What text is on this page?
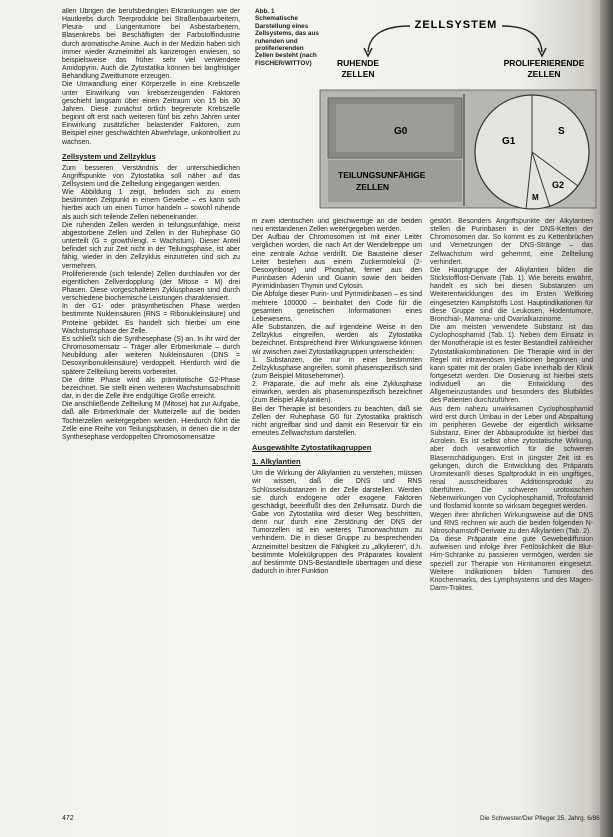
allen Übrigen die berufsbedingten Erkrankungen wie der Hautkrebs durch Teerprodukte bei Straßenbauarbeitern, Pleura- und Lungentumore bei Asbestarbeitern, Blasenkrebs bei Beschäftigten der Farbstoffindustrie durch aromatische Amine. Auch in der Medizin haben sich immer wieder Arzneimittel als kanzerogen erwiesen, so beispielsweise das früher sehr viel verwendete Amidopyrin. Auch die Zytostatika können bei langfristiger Behandlung Zweittumore erzeugen.

Die Umwandlung einer Körperzelle in eine Krebszelle unter Einwirkung von krebserzeugenden Faktoren geschieht langsam über einen Zeitraum von 15 bis 30 Jahren. Diese zunächst örtlich begrenzte Krebszelle beginnt oft erst nach weiteren fünf bis zehn Jahren unter Einwirkung zusätzlicher belastender Faktoren, zum Beispiel einer geschwächten Abwehrlage, unkontrolliert zu wachsen.

Zellsystem und Zellzyklus

Zum besseren Verständnis der unterschiedlichen Angriffspunkte von Zytostatika soll näher auf das Zellsystem und die Zellteilung eingegangen werden.

Wie Abbildung 1 zeigt, befinden sich zu einem bestimmten Zeitpunkt in einem Gewebe – es kann sich hierbei auch um einen Tumor handeln – sowohl ruhende als auch sich teilende Zellen nebeneinander.

Die ruhenden Zellen werden in teilungsunfähige, meist abgestorbene Zellen und Zellen in der Ruhephase G0 unterteilt (G = growth/engl. = Wachstum). Dieser Anteil befindet sich zur Zeit nicht in der Teilungsphase, ist aber fähig, wieder in den Zellzyklus einzutreten und sich zu vermehren.

Proliferierende (sich teilende) Zellen durchlaufen vor der eigentlichen Zellverdopplung (der Mitose = M) drei Phasen. Diese vorgeschalteten Zyklusphasen sind durch verschiedene biochemische Leistungen charakterisiert.

In der G1- oder präsynthetischen Phase werden bestimmte Nukleinsäuren (RNS = Ribonukleinsäure) und Proteine gebildet. Es handelt sich hierbei um eine Wachstumsphase der Zelle.

Es schließt sich die Synthesephase (S) an. In ihr wird der Chromosomensatz – Träger aller Erbmerkmale – durch Neubildung aller weiteren Nukleinsäuren (DNS = Desoxyribonukleinsäure) verdoppelt. Hierdurch wird die spätere Zellteilung bereits vorbereitet.

Die dritte Phase wird als prämitotische G2-Phase bezeichnet. Sie stellt einen weiteren Wachstumsabschnitt dar, in der die Zelle ihre endgültige Größe erreicht.

Die anschließende Zellteilung M (Mitose) hat zur Aufgabe, daß alle Erbmerkmale der Mutterzelle auf die beiden Tochterzellen weitergegeben werden. Hierdurch führt die Zelle eine Reihe von Teilungsphasen, in denen die in der Synthesephase verdoppelten Chromosomensätze

Abb. 1
Schematische Darstellung eines Zellsystems, das aus ruhenden und proliferierenden Zellen besteht (nach FISCHER/WITTOV)
ZELLSYSTEM
RUHENDE
ZELLEN
PROLIFERIERENDE
ZELLEN
G0
TEILUNGSUNFÄHIGE
ZELLEN
G1
S
G2
M

in zwei identischen und gleichwertige an die beiden neu entstandenen Zellen weitergegeben werden.

Der Aufbau der Chromosomen ist mit einer Leiter verglichen worden, die nach Art der Wendeltreppe um eine zentrale Achse verdrillt. Die Bausteine dieser Leiter bestehen aus einem Zuckermolekül (2-Desoxyribose) und Phosphat, ferner aus den Purinbasen Adenin und Guanin sowie den beiden Pyrimidinbasen Thymin und Cytosin.

Die Abfolge dieser Purin- und Pyrimidinbasen – es sind mehrere 100000 – beinhaltet den Code für die gesamten genetischen Informationen eines Lebewesens.

Alle Substanzen, die auf irgendeine Weise in den Zellzyklus eingreifen, werden als Zytostatika bezeichnet. Entsprechend ihrer Wirkungsweise können wir zwischen zwei Zytostatikagruppen unterscheiden:

1. Substanzen, die nur in einer bestimmten Zellzyklusphase angreifen, somit phasenspezifisch sind (zum Beispiel Mitosehemmer).

2. Präparate, die auf mehr als eine Zyklusphase einwirken, werden als phasenunspezifisch bezeichnet (zum Beispiel Alkylantien).

Bei der Therapie ist besonders zu beachten, daß sie Zellen der Ruhephase G0 für Zytostatika praktisch nicht angreifbar sind und damit ein Reservoir für ein erneutes Zellwachstum darstellen.

Ausgewählte Zytostatikagruppen
1. Alkylantien

Um die Wirkung der Alkylantien zu verstehen, müssen wir wissen, daß die DNS und RNS Schlüsselsubstanzen in der Zelle darstellen. Werden sie durch endogene oder exogene Faktoren geschädigt, beeinflußt dies den Zellumsatz. Durch die Gabe von Zytostatika wird dieser Weg beschritten, denn nur durch eine Zerstörung der DNS der Tumorzellen ist ein weiteres Tumorwachstum zu verhindern. Die in dieser Gruppe zu besprechenden Arzneimittel besitzen die Fähigkeit zu „alkylieren“, d.h. bestimmte Molekülgruppen des Präparates kovalent auf bestimmte DNS-Bestandteile übertragen und diese dadurch in ihrer Funktion

gestört. Besonders Angriffspunkte der Alkylantien stellen die Purinbasen in der DNS-Ketten der Chromosomen dar. So kommt es zu Kettenbrüchen und Vernetzungen der DNS-Stränge – das Zellwachstum wird gehemmt, eine Zellteilung verhindert.

Die Hauptgruppe der Alkylantien bilden die Stickstofflost-Derivate (Tab. 1). Wie bereits erwähnt, handelt es sich bei diesen Substanzen um Weiterentwicklungen des im Ersten Weltkrieg eingesetzten Kampfstoffs Lost. Hauptindikationen für diese Gruppe sind die Leukosen, Hodentumore, Bronchial-, Mamma- und Ovarialkarzinome.

Die am meisten verwendete Substanz ist das Cyclophosphamid (Tab. 1). Neben dem Einsatz in der Monotherapie ist es fester Bestandteil zahlreicher Zytostatikakombinationen. Die Therapie wird in der Regel mit intravenösen Injektionen begonnen und kann später mit der oralen Gabe innerhalb der Klinik fortgesetzt werden. Die Dosierung ist hierbei stets individuell an die Entwicklung des Allgemeinzustandes und besonders des Blutbildes des Patienten durchzuführen.

Aus dem nahezu unwirksamen Cyclophosphamid wird erst durch Umbau in der Leber und Abspaltung im peripheren Gewebe der eigentlich wirksame Substanz. Einer der Abbauprodukte ist hierbei das Acrolein. Es ist selbst ohne zytostatische Wirkung, aber doch verantwortlich für die schweren Blasenschädigungen. Erst in jüngster Zeit ist es gelungen, durch die Entwicklung des Präparats Uromitexan® dieses Spaltprodukt in ein ungiftiges, renal ausscheidbares Additionsprodukt zu überführen. Die schweren urotoxischen Nebenwirkungen von Cyclophosphamid, Trofosfamid und Ifosfamid konnte so wirksam begegnet werden.

Wegen ihrer ähnlichen Wirkungsweise auf die DNS und RNS rechnen wir auch die beiden folgenden N-Nitrosoharnstoff-Derivate zu den Alkylantien (Tab. 2).

Da diese Präparate eine gute Gewebediffusion aufweisen und infolge ihrer Fettlöslichkeit die Blut-Hirn-Schranke zu passieren vermögen, werden sie speziell zur Therapie von Hirntumoren eingesetzt. Weitere Indikationen bilden Tumoren des Knochenmarks, des Lymphsystems und des Magen-Darm-Traktes.

472	Die Schwester/Der Pfleger 25. Jahrg. 6/86
